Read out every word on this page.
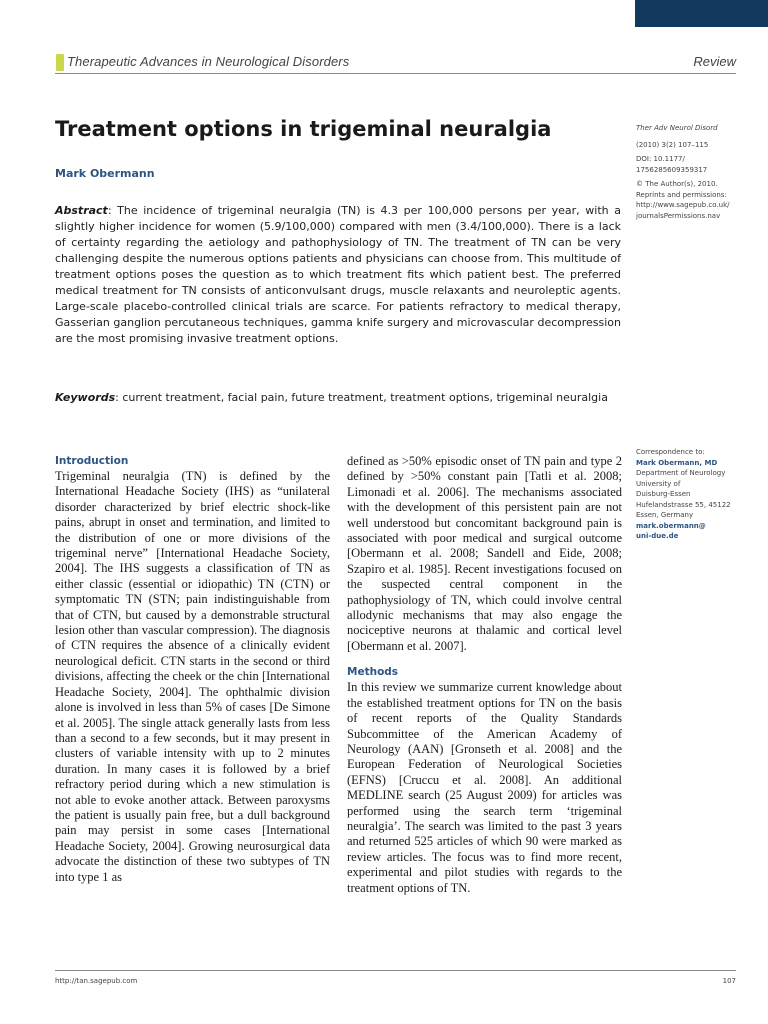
Therapeutic Advances in Neurological Disorders	Review
Treatment options in trigeminal neuralgia
Mark Obermann

Abstract: The incidence of trigeminal neuralgia (TN) is 4.3 per 100,000 persons per year, with a slightly higher incidence for women (5.9/100,000) compared with men (3.4/100,000). There is a lack of certainty regarding the aetiology and pathophysiology of TN. The treatment of TN can be very challenging despite the numerous options patients and physicians can choose from. This multitude of treatment options poses the question as to which treatment fits which patient best. The preferred medical treatment for TN consists of anticonvulsant drugs, muscle relaxants and neuroleptic agents. Large-scale placebo-controlled clinical trials are scarce. For patients refractory to medical therapy, Gasserian ganglion percutaneous techniques, gamma knife surgery and microvascular decompression are the most promising invasive treatment options.

Keywords: current treatment, facial pain, future treatment, treatment options, trigeminal neuralgia

Ther Adv Neurol Disord
(2010) 3(2) 107–115
DOI: 10.1177/
1756285609359317
© The Author(s), 2010.
Reprints and permissions:
http://www.sagepub.co.uk/
journalsPermissions.nav
Correspondence to:
Mark Obermann, MD
Department of Neurology
University of
Duisburg-Essen
Hufelandstrasse 55, 45122
Essen, Germany
mark.obermann@
uni-due.de
Introduction

Trigeminal neuralgia (TN) is defined by the International Headache Society (IHS) as “unilateral disorder characterized by brief electric shock-like pains, abrupt in onset and termination, and limited to the distribution of one or more divisions of the trigeminal nerve” [International Headache Society, 2004]. The IHS suggests a classification of TN as either classic (essential or idiopathic) TN (CTN) or symptomatic TN (STN; pain indistinguishable from that of CTN, but caused by a demonstrable structural lesion other than vascular compression). The diagnosis of CTN requires the absence of a clinically evident neurological deficit. CTN starts in the second or third divisions, affecting the cheek or the chin [International Headache Society, 2004]. The ophthalmic division alone is involved in less than 5% of cases [De Simone et al. 2005]. The single attack generally lasts from less than a second to a few seconds, but it may present in clusters of variable intensity with up to 2 minutes duration. In many cases it is followed by a brief refractory period during which a new stimulation is not able to evoke another attack. Between paroxysms the patient is usually pain free, but a dull background pain may persist in some cases [International Headache Society, 2004]. Growing neurosurgical data advocate the distinction of these two subtypes of TN into type 1 as

defined as >50% episodic onset of TN pain and type 2 defined by >50% constant pain [Tatli et al. 2008; Limonadi et al. 2006]. The mechanisms associated with the development of this persistent pain are not well understood but concomitant background pain is associated with poor medical and surgical outcome [Obermann et al. 2008; Sandell and Eide, 2008; Szapiro et al. 1985]. Recent investigations focused on the suspected central component in the pathophysiology of TN, which could involve central allodynic mechanisms that may also engage the nociceptive neurons at thalamic and cortical level [Obermann et al. 2007].

Methods

In this review we summarize current knowledge about the established treatment options for TN on the basis of recent reports of the Quality Standards Subcommittee of the American Academy of Neurology (AAN) [Gronseth et al. 2008] and the European Federation of Neurological Societies (EFNS) [Cruccu et al. 2008]. An additional MEDLINE search (25 August 2009) for articles was performed using the search term ‘trigeminal neuralgia’. The search was limited to the past 3 years and returned 525 articles of which 90 were marked as review articles. The focus was to find more recent, experimental and pilot studies with regards to the treatment options of TN.

http://tan.sagepub.com	107
